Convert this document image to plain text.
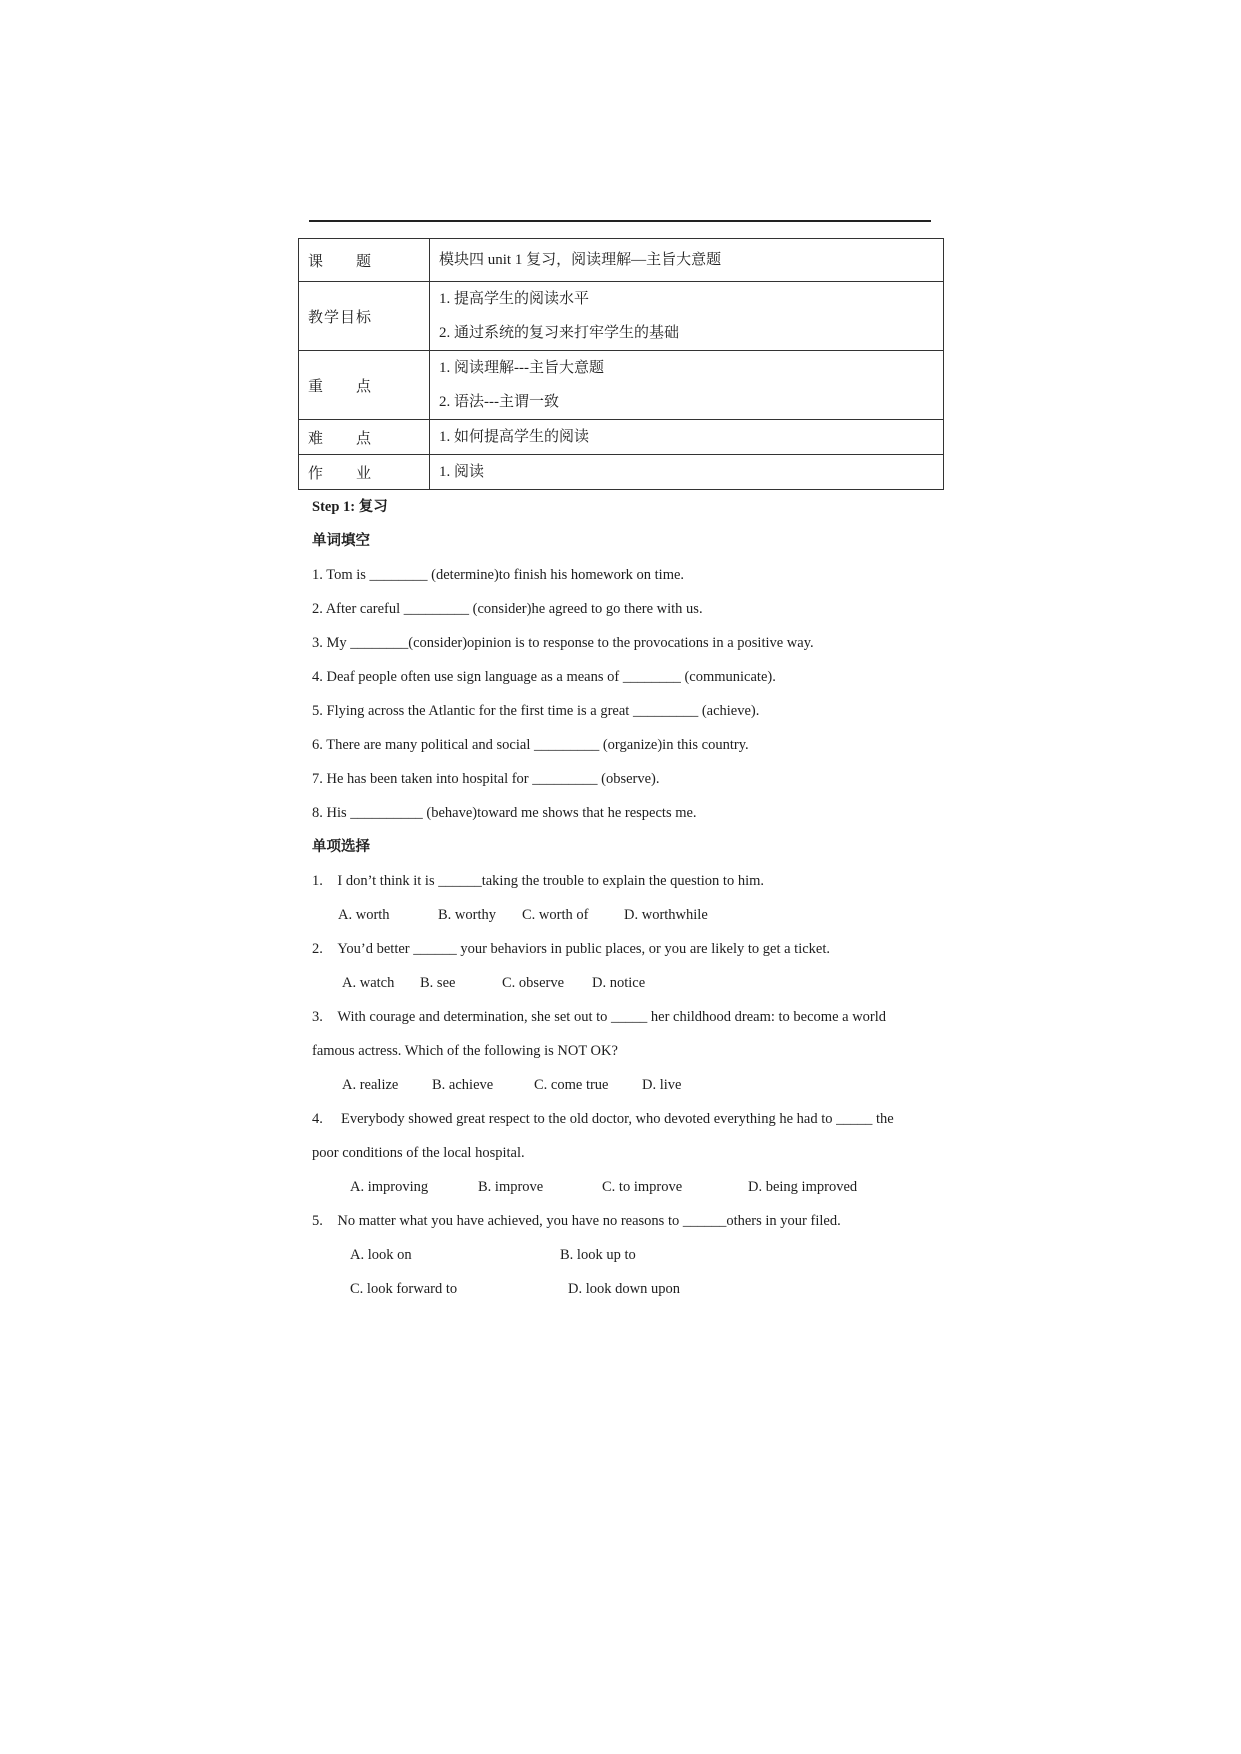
课　　题	模块四 unit 1 复习，阅读理解—主旨大意题

教学目标	1. 提高学生的阅读水平
2. 通过系统的复习来打牢学生的基础

重　　点	1. 阅读理解---主旨大意题
2. 语法---主谓一致

难　　点	1. 如何提高学生的阅读

作　　业	1. 阅读
Step 1: 复习
单词填空
1. Tom is ________ (determine)to finish his homework on time.
2. After careful _________ (consider)he agreed to go there with us.
3. My ________(consider)opinion is to response to the provocations in a positive way.
4. Deaf people often use sign language as a means of ________ (communicate).
5. Flying across the Atlantic for the first time is a great _________ (achieve).
6. There are many political and social _________ (organize)in this country.
7. He has been taken into hospital for _________ (observe).
8. His __________ (behave)toward me shows that he respects me.
单项选择
1.　I don’t think it is ______taking the trouble to explain the question to him.
A. worth	B. worthy C. worth of D. worthwhile
2.　You’d better ______ your behaviors in public places, or you are likely to get a ticket.
A. watch B. see	C. observe D. notice
3.　With courage and determination, she set out to _____ her childhood dream: to become a world
famous actress. Which of the following is NOT OK?
A. realize B. achieve	C. come true D. live
4.　 Everybody showed great respect to the old doctor, who devoted everything he had to _____ the
poor conditions of the local hospital.
A. improving	B. improve	C. to improve	D. being improved
5.　No matter what you have achieved, you have no reasons to ______others in your filed.
A. look on	B. look up to
C. look forward to	D. look down upon
